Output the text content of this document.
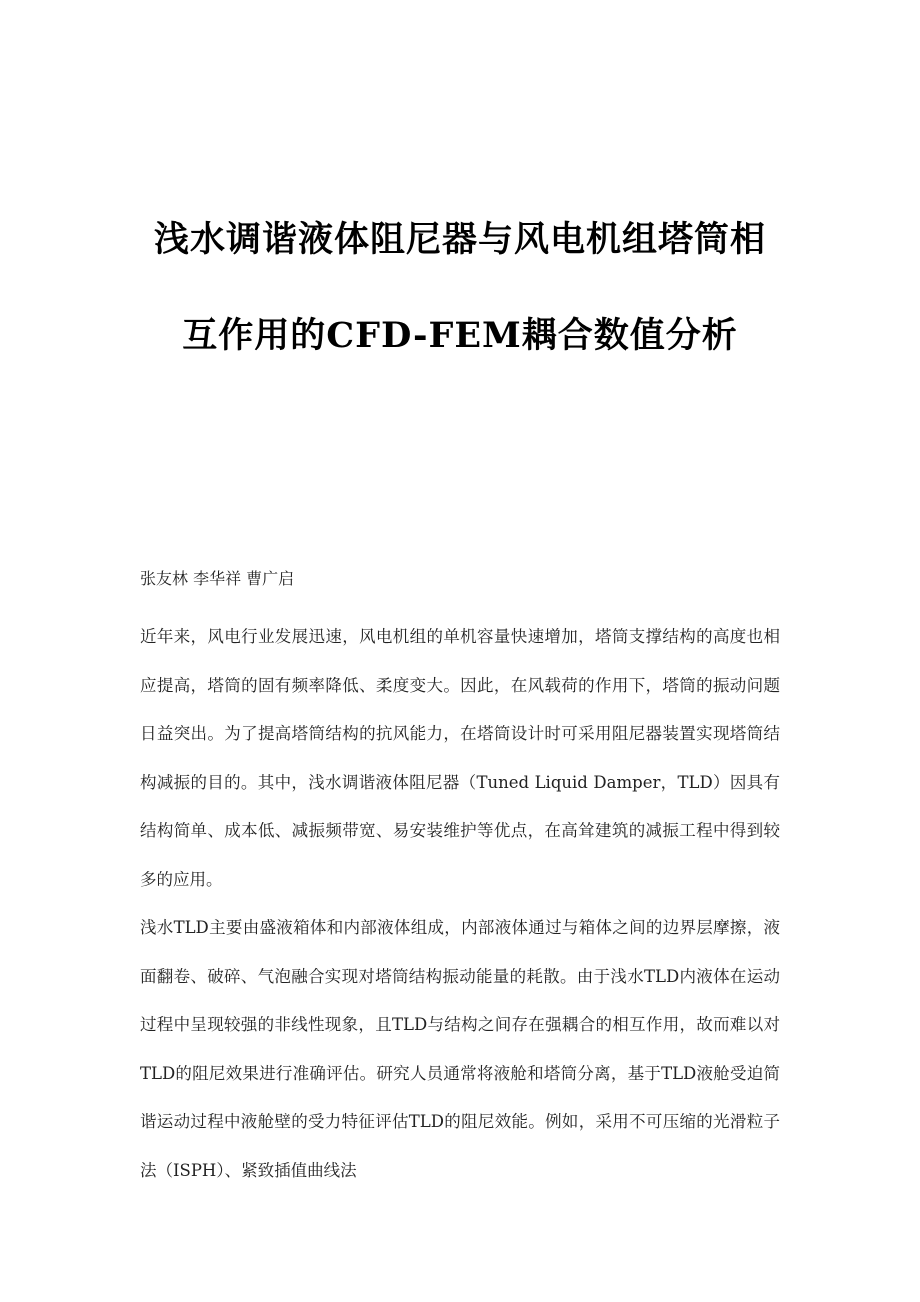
浅水调谐液体阻尼器与风电机组塔筒相
互作用的CFD-FEM耦合数值分析
张友林 李华祥 曹广启

近年来，风电行业发展迅速，风电机组的单机容量快速增加，塔筒支撑结构的高度也相应提高，塔筒的固有频率降低、柔度变大。因此，在风载荷的作用下，塔筒的振动问题日益突出。为了提高塔筒结构的抗风能力，在塔筒设计时可采用阻尼器装置实现塔筒结构减振的目的。其中，浅水调谐液体阻尼器（Tuned Liquid Damper，TLD）因具有结构简单、成本低、减振频带宽、易安装维护等优点，在高耸建筑的减振工程中得到较多的应用。

浅水TLD主要由盛液箱体和内部液体组成，内部液体通过与箱体之间的边界层摩擦，液面翻卷、破碎、气泡融合实现对塔筒结构振动能量的耗散。由于浅水TLD内液体在运动过程中呈现较强的非线性现象，且TLD与结构之间存在强耦合的相互作用，故而难以对TLD的阻尼效果进行准确评估。研究人员通常将液舱和塔筒分离，基于TLD液舱受迫简谐运动过程中液舱壁的受力特征评估TLD的阻尼效能。例如，采用不可压缩的光滑粒子法（ISPH）、紧致插值曲线法
